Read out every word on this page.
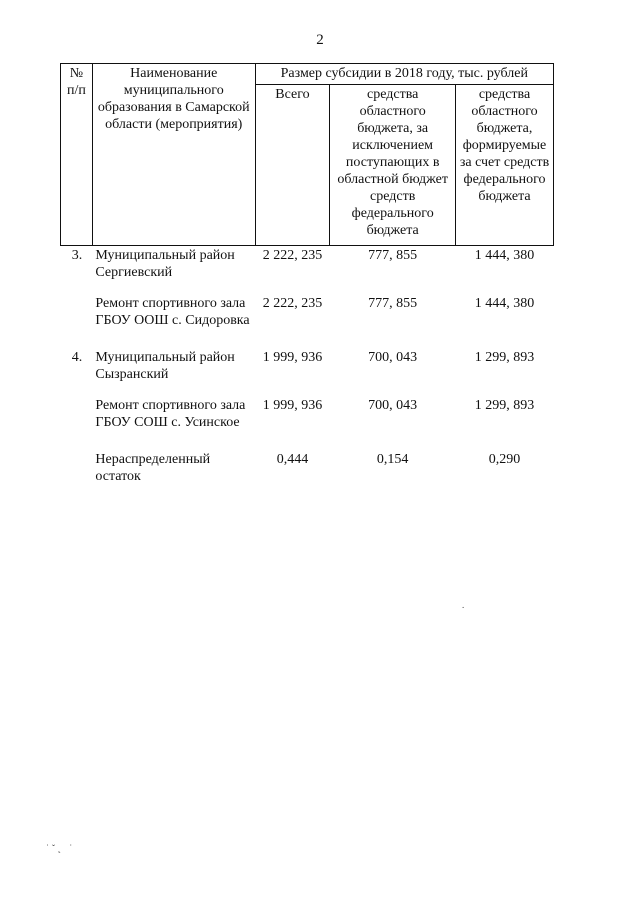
2
№ п/п	Наименование муниципального образования в Самарской области (мероприятия)	Размер субсидии в 2018 году, тыс. рублей		
		Всего	средства областного бюджета, за исключением поступающих в областной бюджет средств федерального бюджета	средства областного бюджета, формируемые за счет средств федерального бюджета
3.	Муниципальный район Сергиевский	2 222, 235	777, 855	1 444, 380
	Ремонт спортивного зала ГБОУ ООШ с. Сидоровка	2 222, 235	777, 855	1 444, 380
4.	Муниципальный район Сызранский	1 999, 936	700, 043	1 299, 893
	Ремонт спортивного зала ГБОУ СОШ с. Усинское	1 999, 936	700, 043	1 299, 893
	Нераспределенный остаток	0,444	0,154	0,290
.
˙ˇ˛ ˙
